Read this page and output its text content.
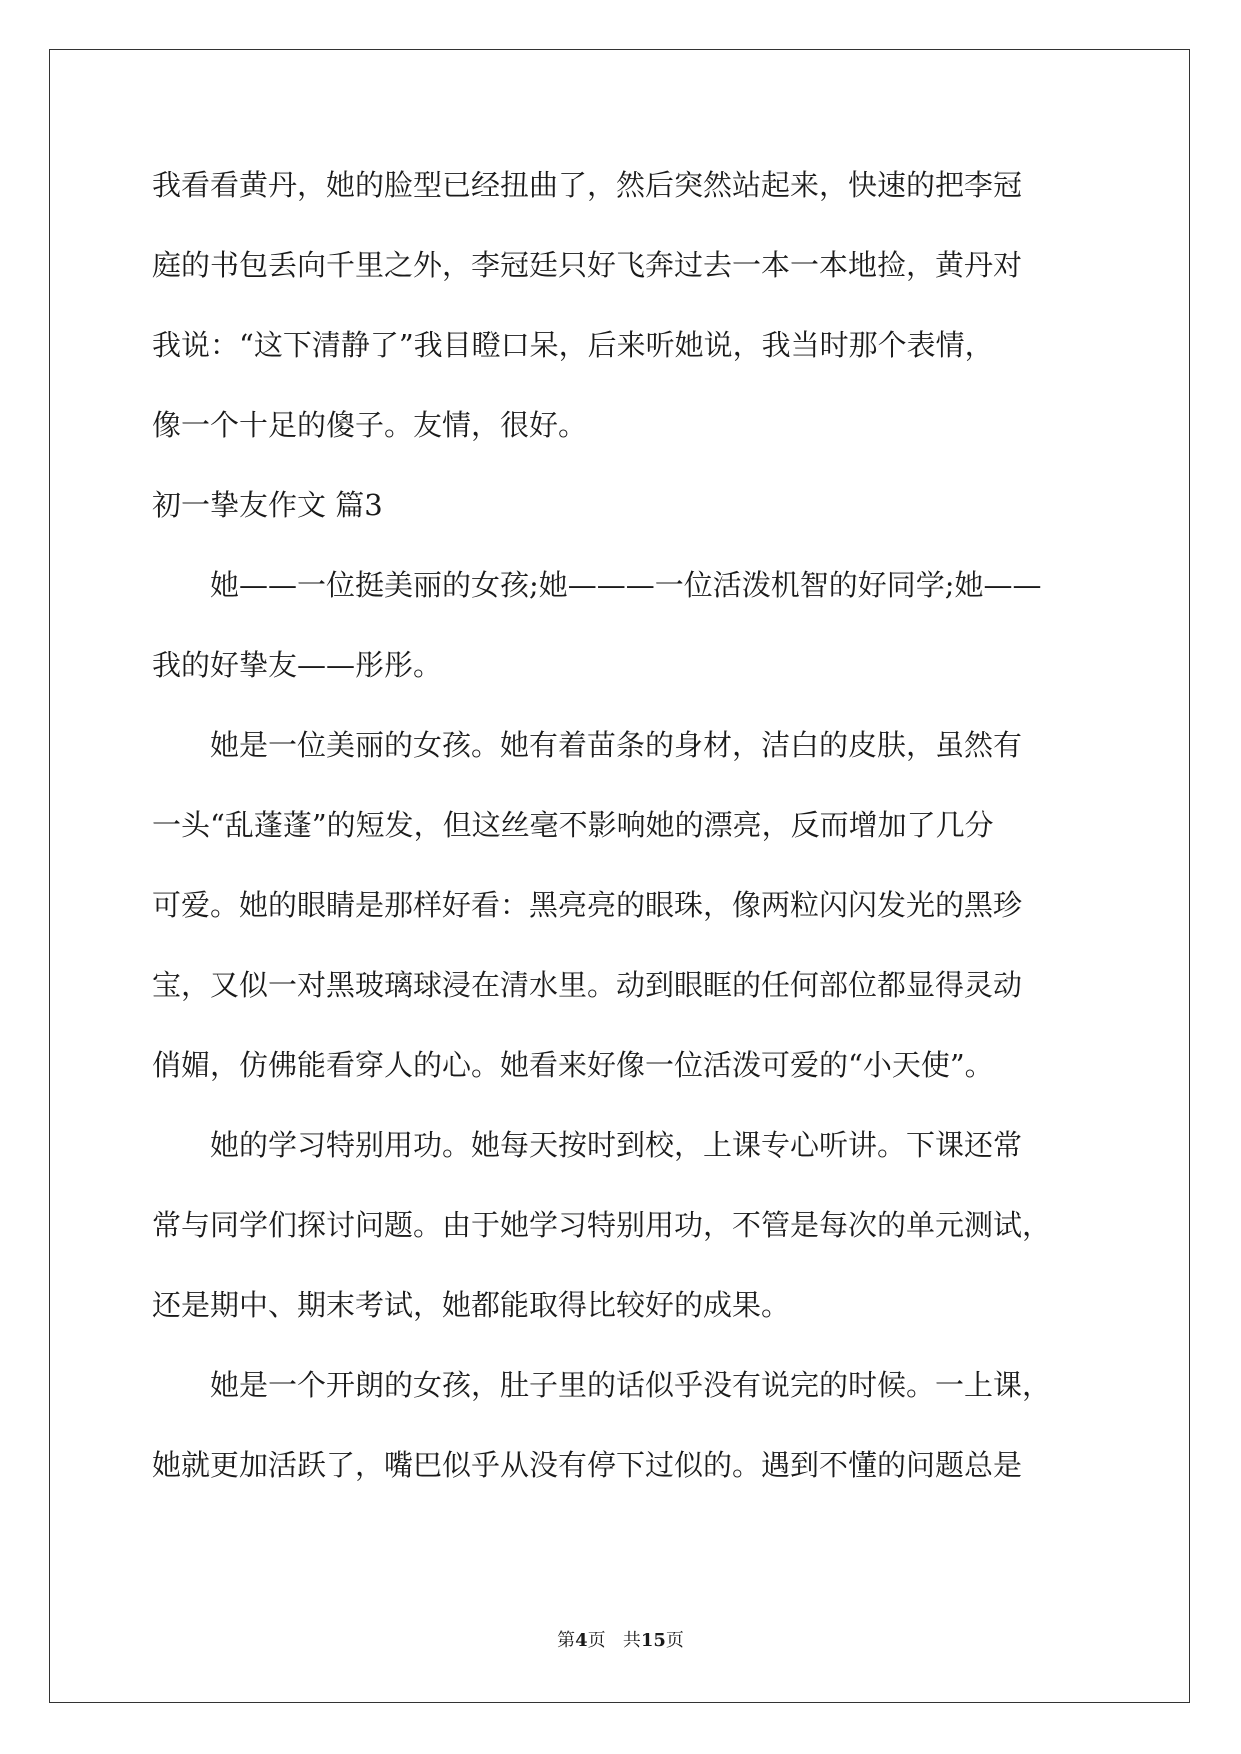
我看看黄丹，她的脸型已经扭曲了，然后突然站起来，快速的把李冠
庭的书包丢向千里之外，李冠廷只好飞奔过去一本一本地捡，黄丹对
我说：“这下清静了”我目瞪口呆，后来听她说，我当时那个表情，
像一个十足的傻子。友情，很好。
初一挚友作文 篇3
　　她——一位挺美丽的女孩;她———一位活泼机智的好同学;她——
我的好挚友——彤彤。
　　她是一位美丽的女孩。她有着苗条的身材，洁白的皮肤，虽然有
一头“乱蓬蓬”的短发，但这丝毫不影响她的漂亮，反而增加了几分
可爱。她的眼睛是那样好看：黑亮亮的眼珠，像两粒闪闪发光的黑珍
宝，又似一对黑玻璃球浸在清水里。动到眼眶的任何部位都显得灵动
俏媚，仿佛能看穿人的心。她看来好像一位活泼可爱的“小天使”。
　　她的学习特别用功。她每天按时到校，上课专心听讲。下课还常
常与同学们探讨问题。由于她学习特别用功，不管是每次的单元测试，
还是期中、期末考试，她都能取得比较好的成果。
　　她是一个开朗的女孩，肚子里的话似乎没有说完的时候。一上课，
她就更加活跃了，嘴巴似乎从没有停下过似的。遇到不懂的问题总是
第4页 共15页
